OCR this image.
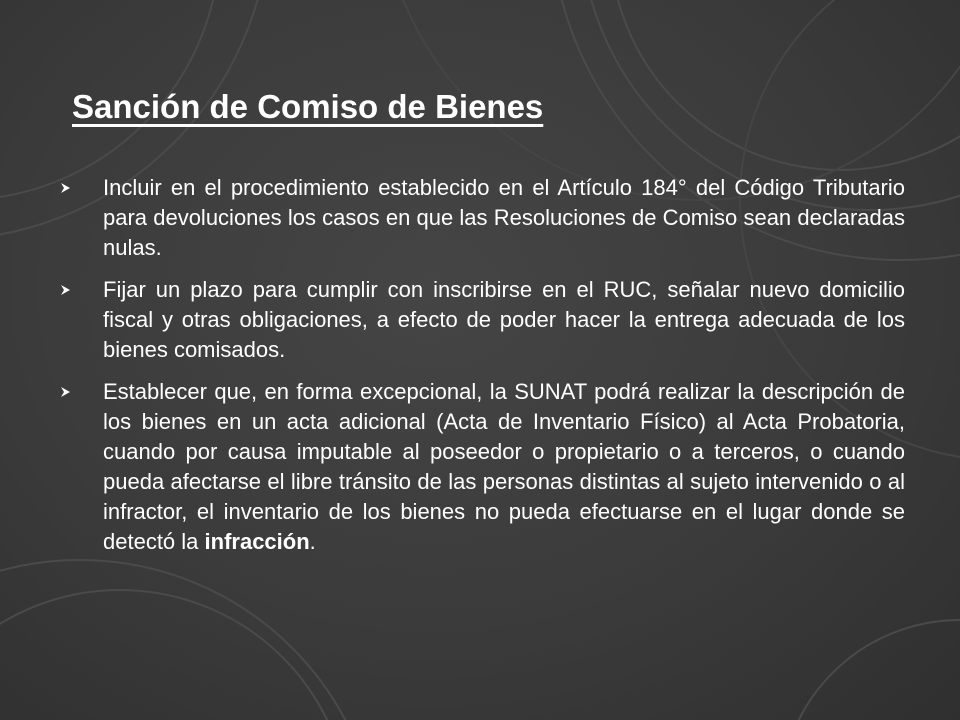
Sanción de Comiso de Bienes
Incluir en el procedimiento establecido en el Artículo 184° del Código Tributario para devoluciones los casos en que las Resoluciones de Comiso sean declaradas nulas.
Fijar un plazo para cumplir con inscribirse en el RUC, señalar nuevo domicilio fiscal y otras obligaciones, a efecto de poder hacer la entrega adecuada de los bienes comisados.
Establecer que, en forma excepcional, la SUNAT podrá realizar la descripción de los bienes en un acta adicional (Acta de Inventario Físico) al Acta Probatoria, cuando por causa imputable al poseedor o propietario o a terceros, o cuando pueda afectarse el libre tránsito de las personas distintas al sujeto intervenido o al infractor, el inventario de los bienes no pueda efectuarse en el lugar donde se detectó la infracción.
